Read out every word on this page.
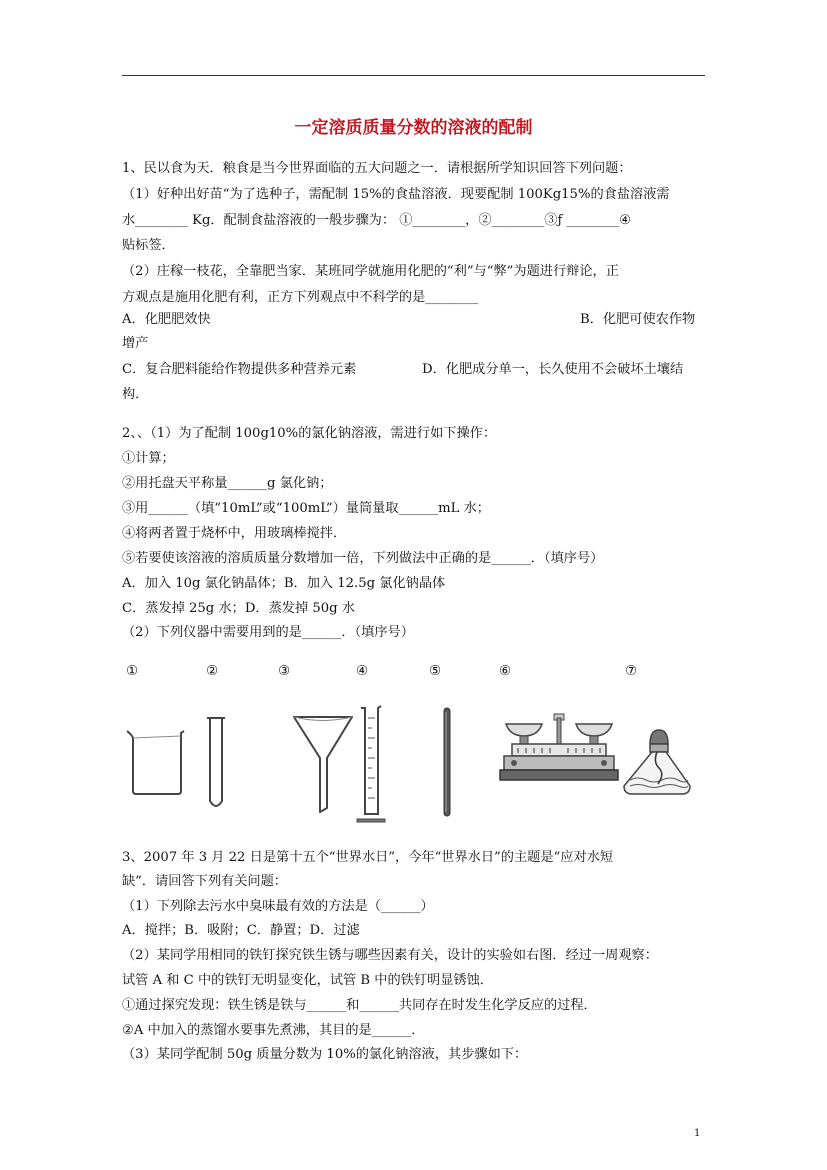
一定溶质质量分数的溶液的配制
1、民以食为天．粮食是当今世界面临的五大问题之一．请根据所学知识回答下列问题：
（1）好种出好苗“为了选种子，需配制 15%的食盐溶液．现要配制 100Kg15%的食盐溶液需
水________ Kg．配制食盐溶液的一般步骤为： ①________，②________③ƒ ________④
贴标签．
（2）庄稼一枝花，全靠肥当家．某班同学就施用化肥的“利”与“弊”为题进行辩论，正
方观点是施用化肥有利，正方下列观点中不科学的是________
A．化肥肥效快	B．化肥可使农作物
增产
C．复合肥料能给作物提供多种营养元素	D．化肥成分单一，长久使用不会破坏土壤结
构．
2、、（1）为了配制 100g10%的氯化钠溶液，需进行如下操作：
①计算；
②用托盘天平称量______g 氯化钠；
③用______（填“10mL”或“100mL”）量筒量取______mL 水；
④将两者置于烧杯中，用玻璃棒搅拌．
⑤若要使该溶液的溶质质量分数增加一倍，下列做法中正确的是______．（填序号）
A．加入 10g 氯化钠晶体；B．加入 12.5g 氯化钠晶体
C．蒸发掉 25g 水；D．蒸发掉 50g 水
（2）下列仪器中需要用到的是______．（填序号）
①	②	③	④	⑤	⑥	⑦
3、2007 年 3 月 22 日是第十五个“世界水日”，今年“世界水日”的主题是“应对水短
缺”．请回答下列有关问题：
（1）下列除去污水中臭味最有效的方法是（______）
A．搅拌；B．吸附；C．静置；D．过滤
（2）某同学用相同的铁钉探究铁生锈与哪些因素有关，设计的实验如右图．经过一周观察：
试管 A 和 C 中的铁钉无明显变化，试管 B 中的铁钉明显锈蚀．
①通过探究发现：铁生锈是铁与______和______共同存在时发生化学反应的过程．
②A 中加入的蒸馏水要事先煮沸，其目的是______．
（3）某同学配制 50g 质量分数为 10%的氯化钠溶液，其步骤如下：
1
